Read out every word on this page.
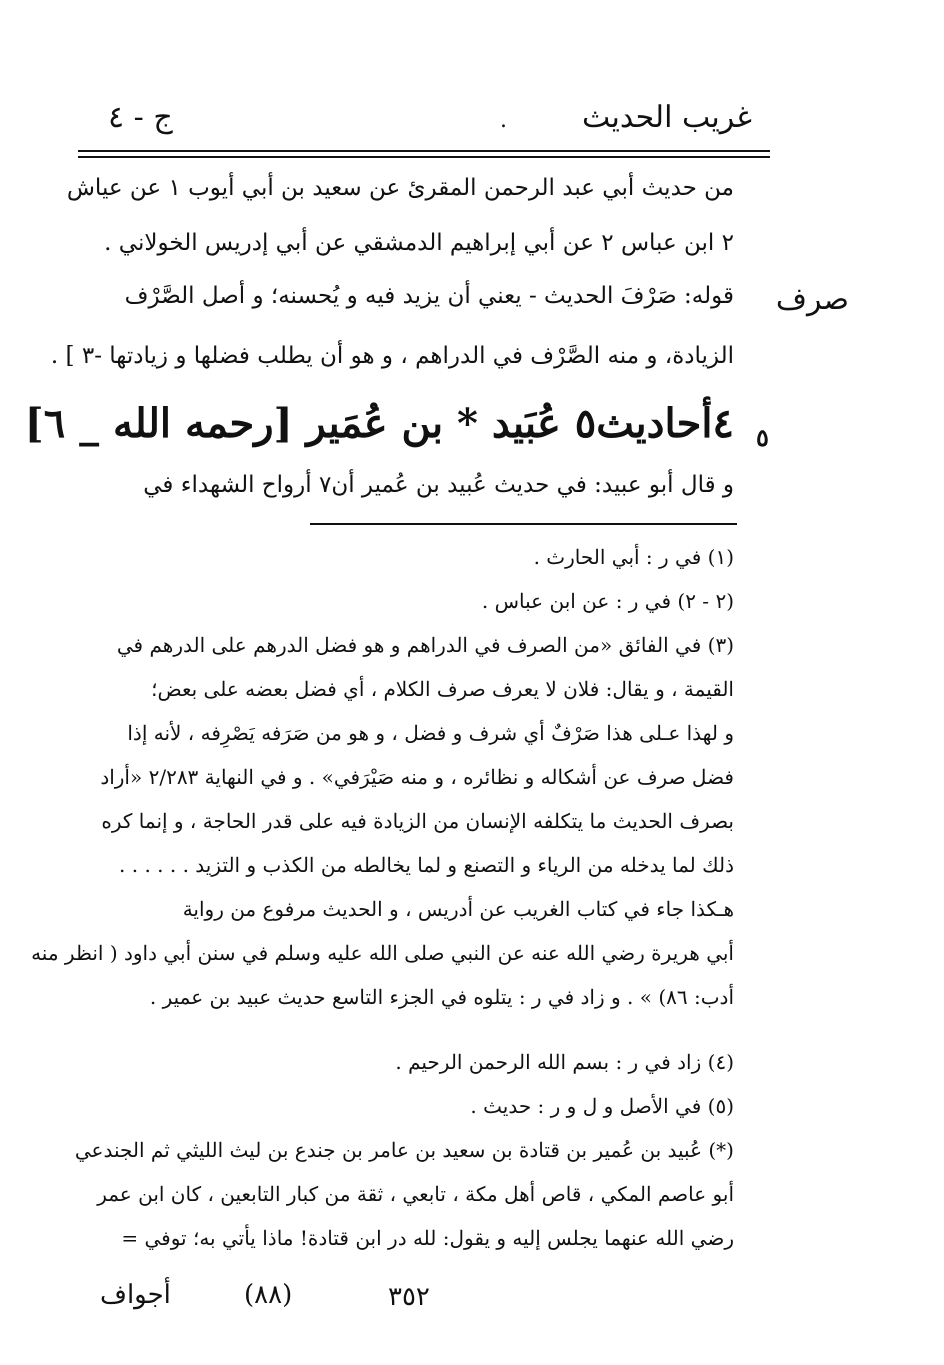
غريب الحديث
.
ج - ٤
من حديث أبي عبد الرحمن المقرئ عن سعيد بن أبي أيوب ١ عن عياش
٢ ابن عباس ٢ عن أبي إبراهيم الدمشقي عن أبي إدريس الخولاني .
قوله: صَرْفَ الحديث - يعني أن يزيد فيه و يُحسنه؛ و أصل الصَّرْف
الزيادة، و منه الصَّرْف في الدراهم ، و هو أن يطلب فضلها و زيادتها -٣ ] .
صرف
٥
٤أحاديث٥ عُبَيد * بن عُمَير [رحمه الله _ ٦]
و قال أبو عبيد: في حديث عُبيد بن عُمير أن٧ أرواح الشهداء في
(١) في ر : أبي الحارث .
(٢ - ٢) في ر : عن ابن عباس .
(٣) في الفائق «من الصرف في الدراهم و هو فضل الدرهم على الدرهم في
القيمة ، و يقال: فلان لا يعرف صرف الكلام ، أي فضل بعضه على بعض؛
و لهذا عـلى هذا صَرْفٌ أي شرف و فضل ، و هو من صَرَفه يَصْرِفه ، لأنه إذا
فضل صرف عن أشكاله و نظائره ، و منه صَيْرَفي» . و في النهاية ٢/٢٨٣ «أراد
بصرف الحديث ما يتكلفه الإنسان من الزيادة فيه على قدر الحاجة ، و إنما كره
ذلك لما يدخله من الرياء و التصنع و لما يخالطه من الكذب و التزيد . . . . . .
هـكذا جاء في كتاب الغريب عن أدريس ، و الحديث مرفوع من رواية
أبي هريرة رضي الله عنه عن النبي صلى الله عليه وسلم في سنن أبي داود ( انظر منه
أدب: ٨٦) » . و زاد في ر : يتلوه في الجزء التاسع حديث عبيد بن عمير .
(٤) زاد في ر : بسم الله الرحمن الرحيم .
(٥) في الأصل و ل و ر : حديث .
(*) عُبيد بن عُمير بن قتادة بن سعيد بن عامر بن جندع بن ليث الليثي ثم الجندعي
أبو عاصم المكي ، قاص أهل مكة ، تابعي ، ثقة من كبار التابعين ، كان ابن عمر
رضي الله عنهما يجلس إليه و يقول: لله در ابن قتادة! ماذا يأتي به؛ توفي =
أجواف	(٨٨)	٣٥٢
